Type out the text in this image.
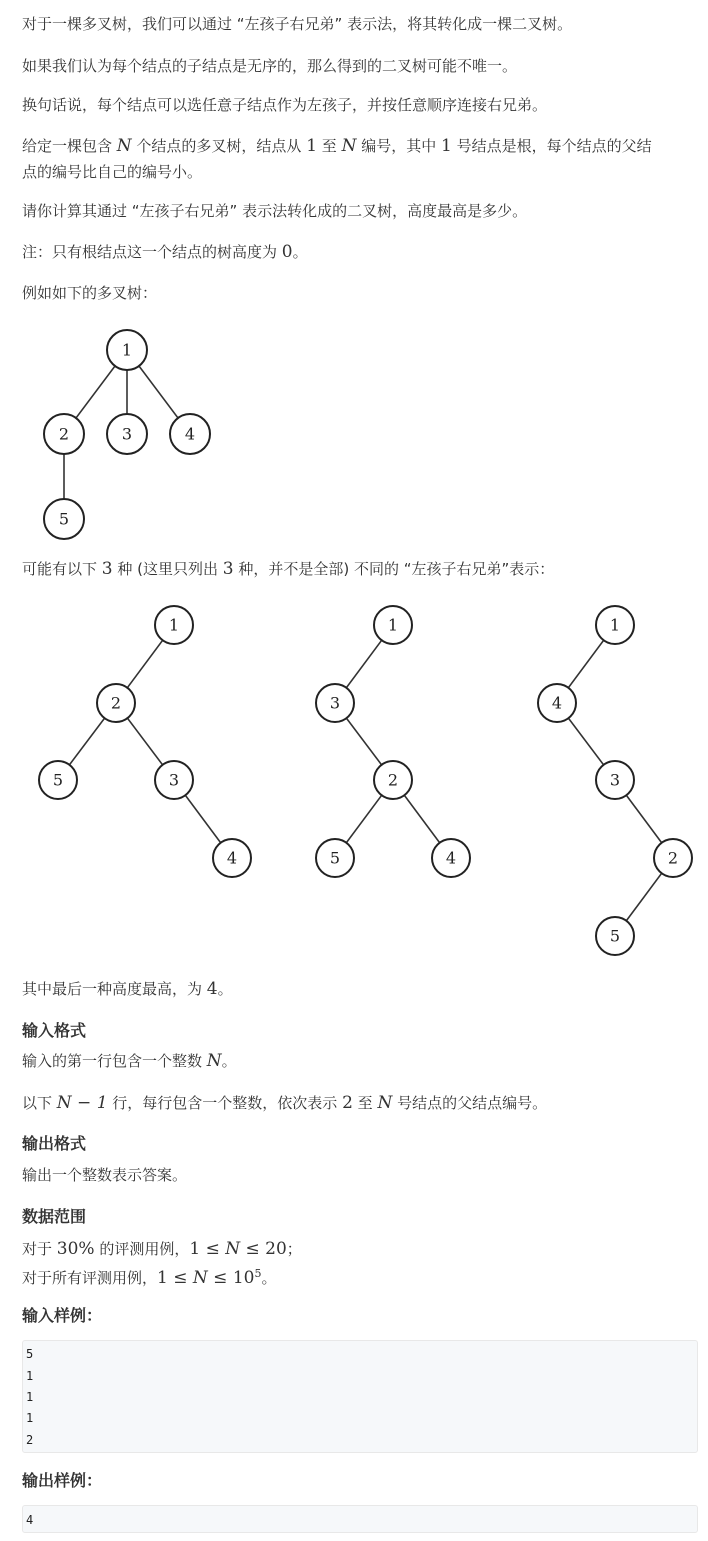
对于一棵多叉树，我们可以通过 “左孩子右兄弟” 表示法，将其转化成一棵二叉树。
如果我们认为每个结点的子结点是无序的，那么得到的二叉树可能不唯一。
换句话说，每个结点可以选任意子结点作为左孩子，并按任意顺序连接右兄弟。
给定一棵包含 N 个结点的多叉树，结点从 1 至 N 编号，其中 1 号结点是根，每个结点的父结
点的编号比自己的编号小。
请你计算其通过 “左孩子右兄弟” 表示法转化成的二叉树，高度最高是多少。
注：只有根结点这一个结点的树高度为 0。
例如如下的多叉树：
可能有以下 3 种 (这里只列出 3 种，并不是全部) 不同的 “左孩子右兄弟”表示：
其中最后一种高度最高，为 4。
输入格式
输入的第一行包含一个整数 N。
以下 N − 1 行，每行包含一个整数，依次表示 2 至 N 号结点的父结点编号。
输出格式
输出一个整数表示答案。
数据范围
对于 30% 的评测用例，1 ≤ N ≤ 20；
对于所有评测用例，$1 \le N \le 10^5$。
输入样例：
5
1
1
1
2
输出样例：
4
1
2	3	4
5
1
2
5	3
4
1
3
2
5	4
1
4
3
2
5
